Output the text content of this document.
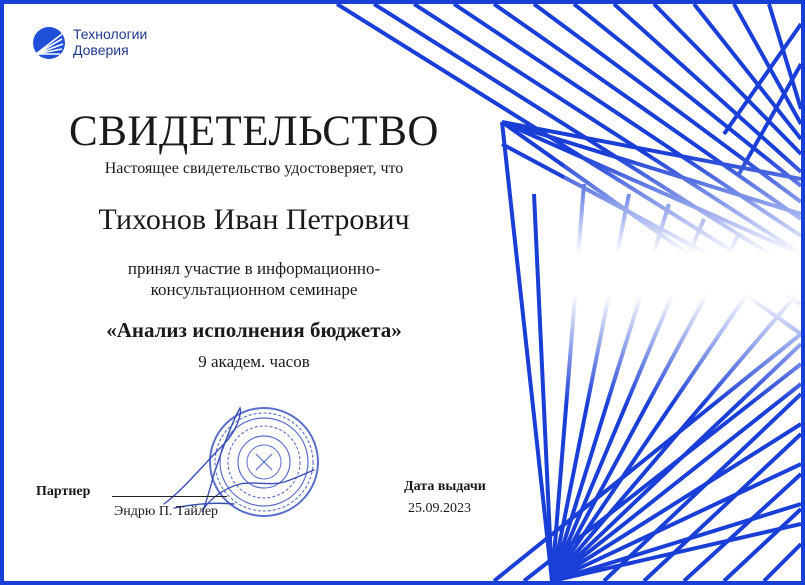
Технологии
Доверия
СВИДЕТЕЛЬСТВО
Настоящее свидетельство удостоверяет, что
Тихонов Иван Петрович
принял участие в информационно-
консультационном семинаре
«Анализ исполнения бюджета»
9 академ. часов
Партнер
Эндрю П. Тайлер
Дата выдачи
25.09.2023
